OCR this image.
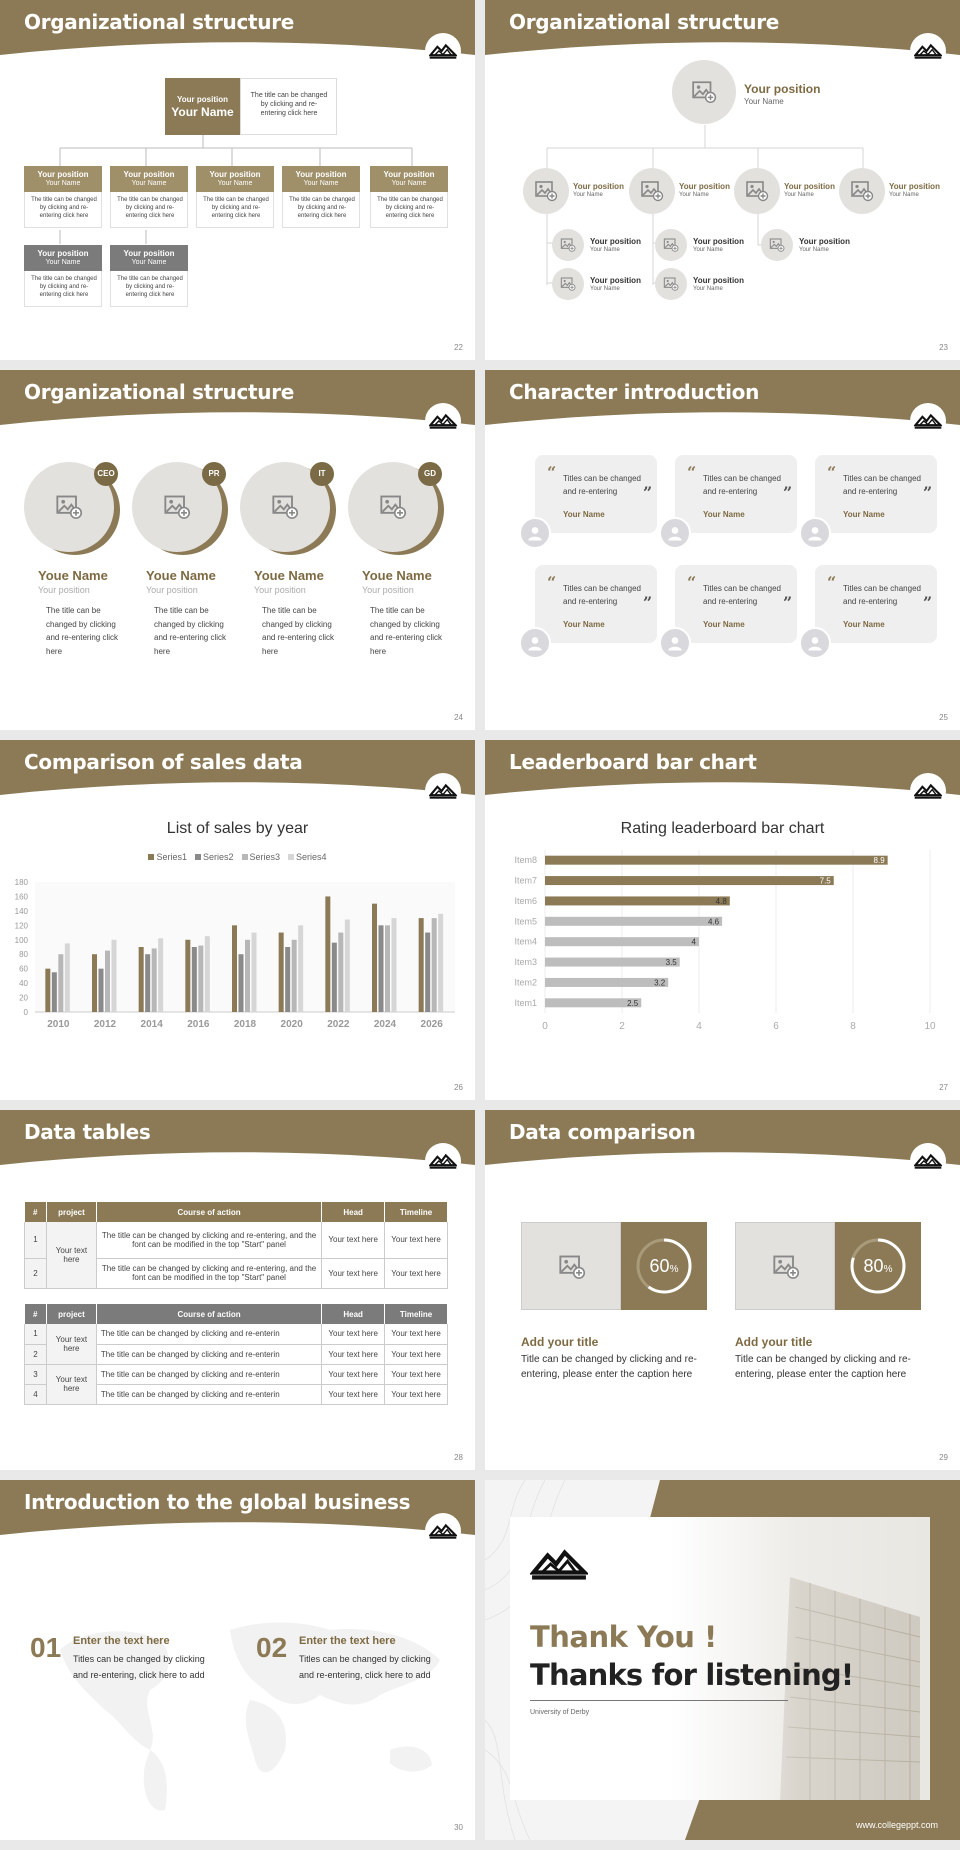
Organizational structure
Your position
Your Name
The title can be changed by clicking and re-entering click here
Your position
Your Name
The title can be changed by clicking and re-entering click here
Your position
Your Name
The title can be changed by clicking and re-entering click here
Your position
Your Name
The title can be changed by clicking and re-entering click here
Your position
Your Name
The title can be changed by clicking and re-entering click here
Your position
Your Name
The title can be changed by clicking and re-entering click here
Your position
Your Name
The title can be changed by clicking and re-entering click here
Your position
Your Name
The title can be changed by clicking and re-entering click here
22
Organizational structure
Your position
Your Name
Your position
Your Name
Your position
Your Name
Your position
Your Name
Your position
Your Name
Your position
Your Name
Your position
Your Name
Your position
Your Name
Your position
Your Name
Your position
Your Name
23
Organizational structure
CEO
Youe Name
Your position
The title can be changed by clicking and re-entering click here
PR
Youe Name
Your position
The title can be changed by clicking and re-entering click here
IT
Youe Name
Your position
The title can be changed by clicking and re-entering click here
GD
Youe Name
Your position
The title can be changed by clicking and re-entering click here
24
Character introduction
“ Titles can be changed and re-entering	”
Your Name
“ Titles can be changed and re-entering	”
Your Name
“ Titles can be changed and re-entering	”
Your Name
“ Titles can be changed and re-entering	”
Your Name
“ Titles can be changed and re-entering	”
Your Name
“ Titles can be changed and re-entering	”
Your Name
25
Comparison of sales data
List of sales by year
Series1 Series2 Series3 Series4
0
20
40
60
80
100
120
140
160
180
2010 2012 2014 2016 2018 2020 2022 2024 2026
26
Leaderboard bar chart
Rating leaderboard bar chart
0	2	4	6	8	10
Item8	8.9
Item7	7.5
Item6	4.8
Item5	4.6
Item4	4
Item3	3.5
Item2	3.2
Item1	2.5
27
Data tables
#	project	Course of action	Head	Timeline
1	Your text here	The title can be changed by clicking and re-entering, and the font can be modified in the top "Start" panel	Your text here	Your text here
2		The title can be changed by clicking and re-entering, and the font can be modified in the top "Start" panel	Your text here	Your text here
#	project	Course of action	Head	Timeline
1	Your text here	The title can be changed by clicking and re-enterin	Your text here	Your text here
2		The title can be changed by clicking and re-enterin	Your text here	Your text here
3	Your text here	The title can be changed by clicking and re-enterin	Your text here	Your text here
4		The title can be changed by clicking and re-enterin	Your text here	Your text here
28
Data comparison
60%
Add your title
Title can be changed by clicking and re-entering, please enter the caption here
80%
Add your title
Title can be changed by clicking and re-entering, please enter the caption here
29
Introduction to the global business
01 Enter the text here
Titles can be changed by clicking and re-entering, click here to add
02 Enter the text here
Titles can be changed by clicking and re-entering, click here to add
30
Thank You !
Thanks for listening!
University of Derby
www.collegeppt.com
